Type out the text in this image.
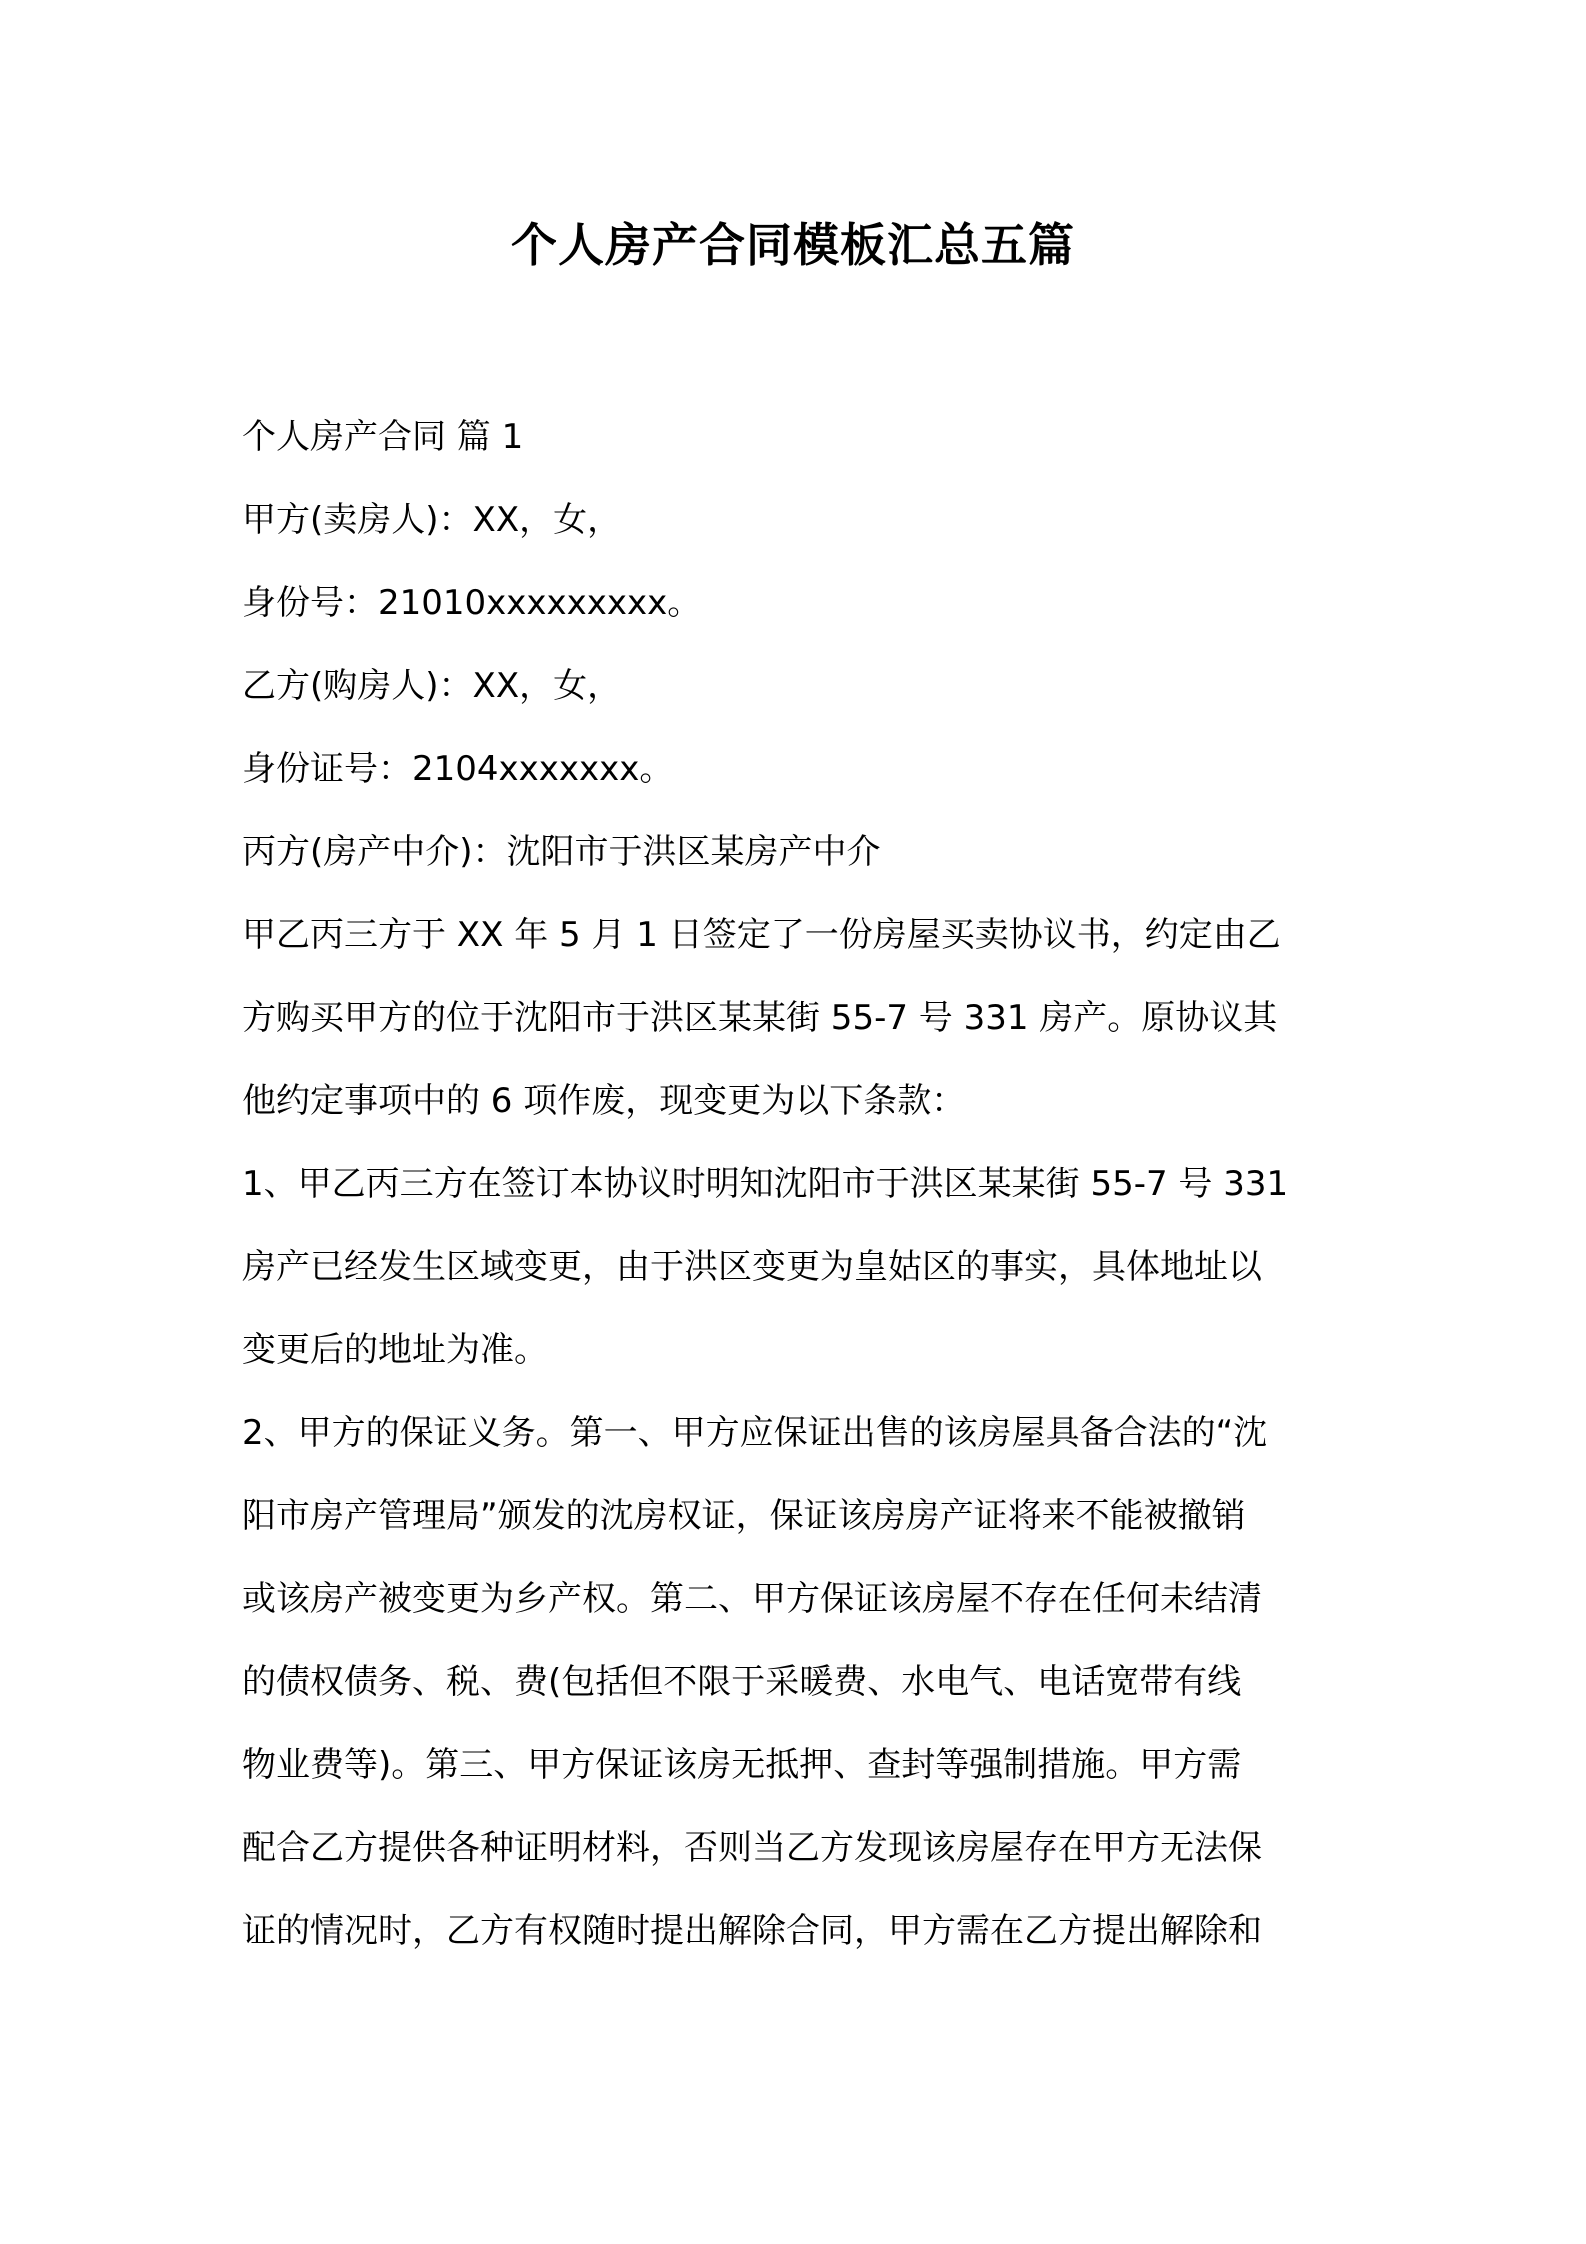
个人房产合同模板汇总五篇

个人房产合同 篇 1

甲方(卖房人)：XX，女，

身份号：21010xxxxxxxxx。

乙方(购房人)：XX，女，

身份证号：2104xxxxxxx。

丙方(房产中介)：沈阳市于洪区某房产中介

甲乙丙三方于 XX 年 5 月 1 日签定了一份房屋买卖协议书，约定由乙

方购买甲方的位于沈阳市于洪区某某街 55-7 号 331 房产。原协议其

他约定事项中的 6 项作废，现变更为以下条款：

1、甲乙丙三方在签订本协议时明知沈阳市于洪区某某街 55-7 号 331

房产已经发生区域变更，由于洪区变更为皇姑区的事实，具体地址以

变更后的地址为准。

2、甲方的保证义务。第一、甲方应保证出售的该房屋具备合法的“沈

阳市房产管理局”颁发的沈房权证，保证该房房产证将来不能被撤销

或该房产被变更为乡产权。第二、甲方保证该房屋不存在任何未结清

的债权债务、税、费(包括但不限于采暖费、水电气、电话宽带有线

物业费等)。第三、甲方保证该房无抵押、查封等强制措施。甲方需

配合乙方提供各种证明材料，否则当乙方发现该房屋存在甲方无法保

证的情况时，乙方有权随时提出解除合同，甲方需在乙方提出解除和
